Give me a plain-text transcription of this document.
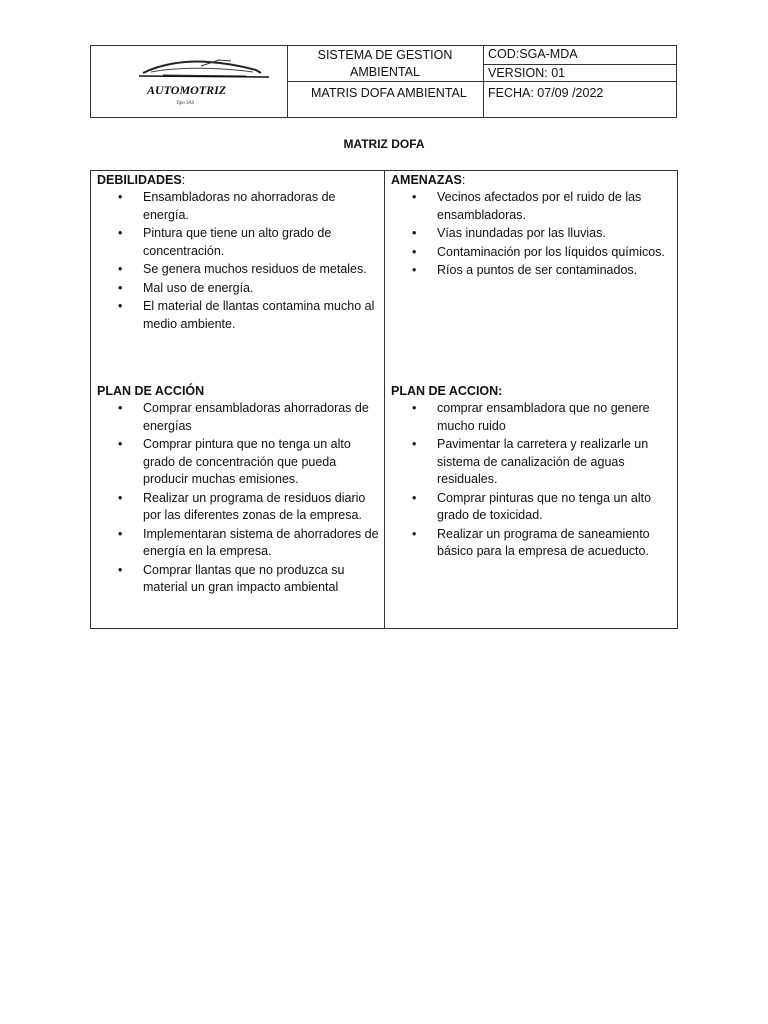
AUTOMOTRIZ
Tipo SAS
SISTEMA DE GESTION AMBIENTAL
MATRIS DOFA AMBIENTAL
COD:SGA-MDA
VERSION: 01
FECHA: 07/09 /2022
MATRIZ DOFA
DEBILIDADES:
• Ensambladoras no ahorradoras de energía.
• Pintura que tiene un alto grado de concentración.
• Se genera muchos residuos de metales.
• Mal uso de energía.
• El material de llantas contamina mucho al medio ambiente.
AMENAZAS:
• Vecinos afectados por el ruido de las ensambladoras.
• Vías inundadas por las lluvias.
• Contaminación por los líquidos químicos.
• Ríos a puntos de ser contaminados.
PLAN DE ACCIÓN
• Comprar ensambladoras ahorradoras de energías
• Comprar pintura que no tenga un alto grado de concentración que pueda producir muchas emisiones.
• Realizar un programa de residuos diario por las diferentes zonas de la empresa.
• Implementaran sistema de ahorradores de energía en la empresa.
• Comprar llantas que no produzca su material un gran impacto ambiental
PLAN DE ACCION:
• comprar ensambladora que no genere mucho ruido
• Pavimentar la carretera y realizarle un sistema de canalización de aguas residuales.
• Comprar pinturas que no tenga un alto grado de toxicidad.
• Realizar un programa de saneamiento básico para la empresa de acueducto.
